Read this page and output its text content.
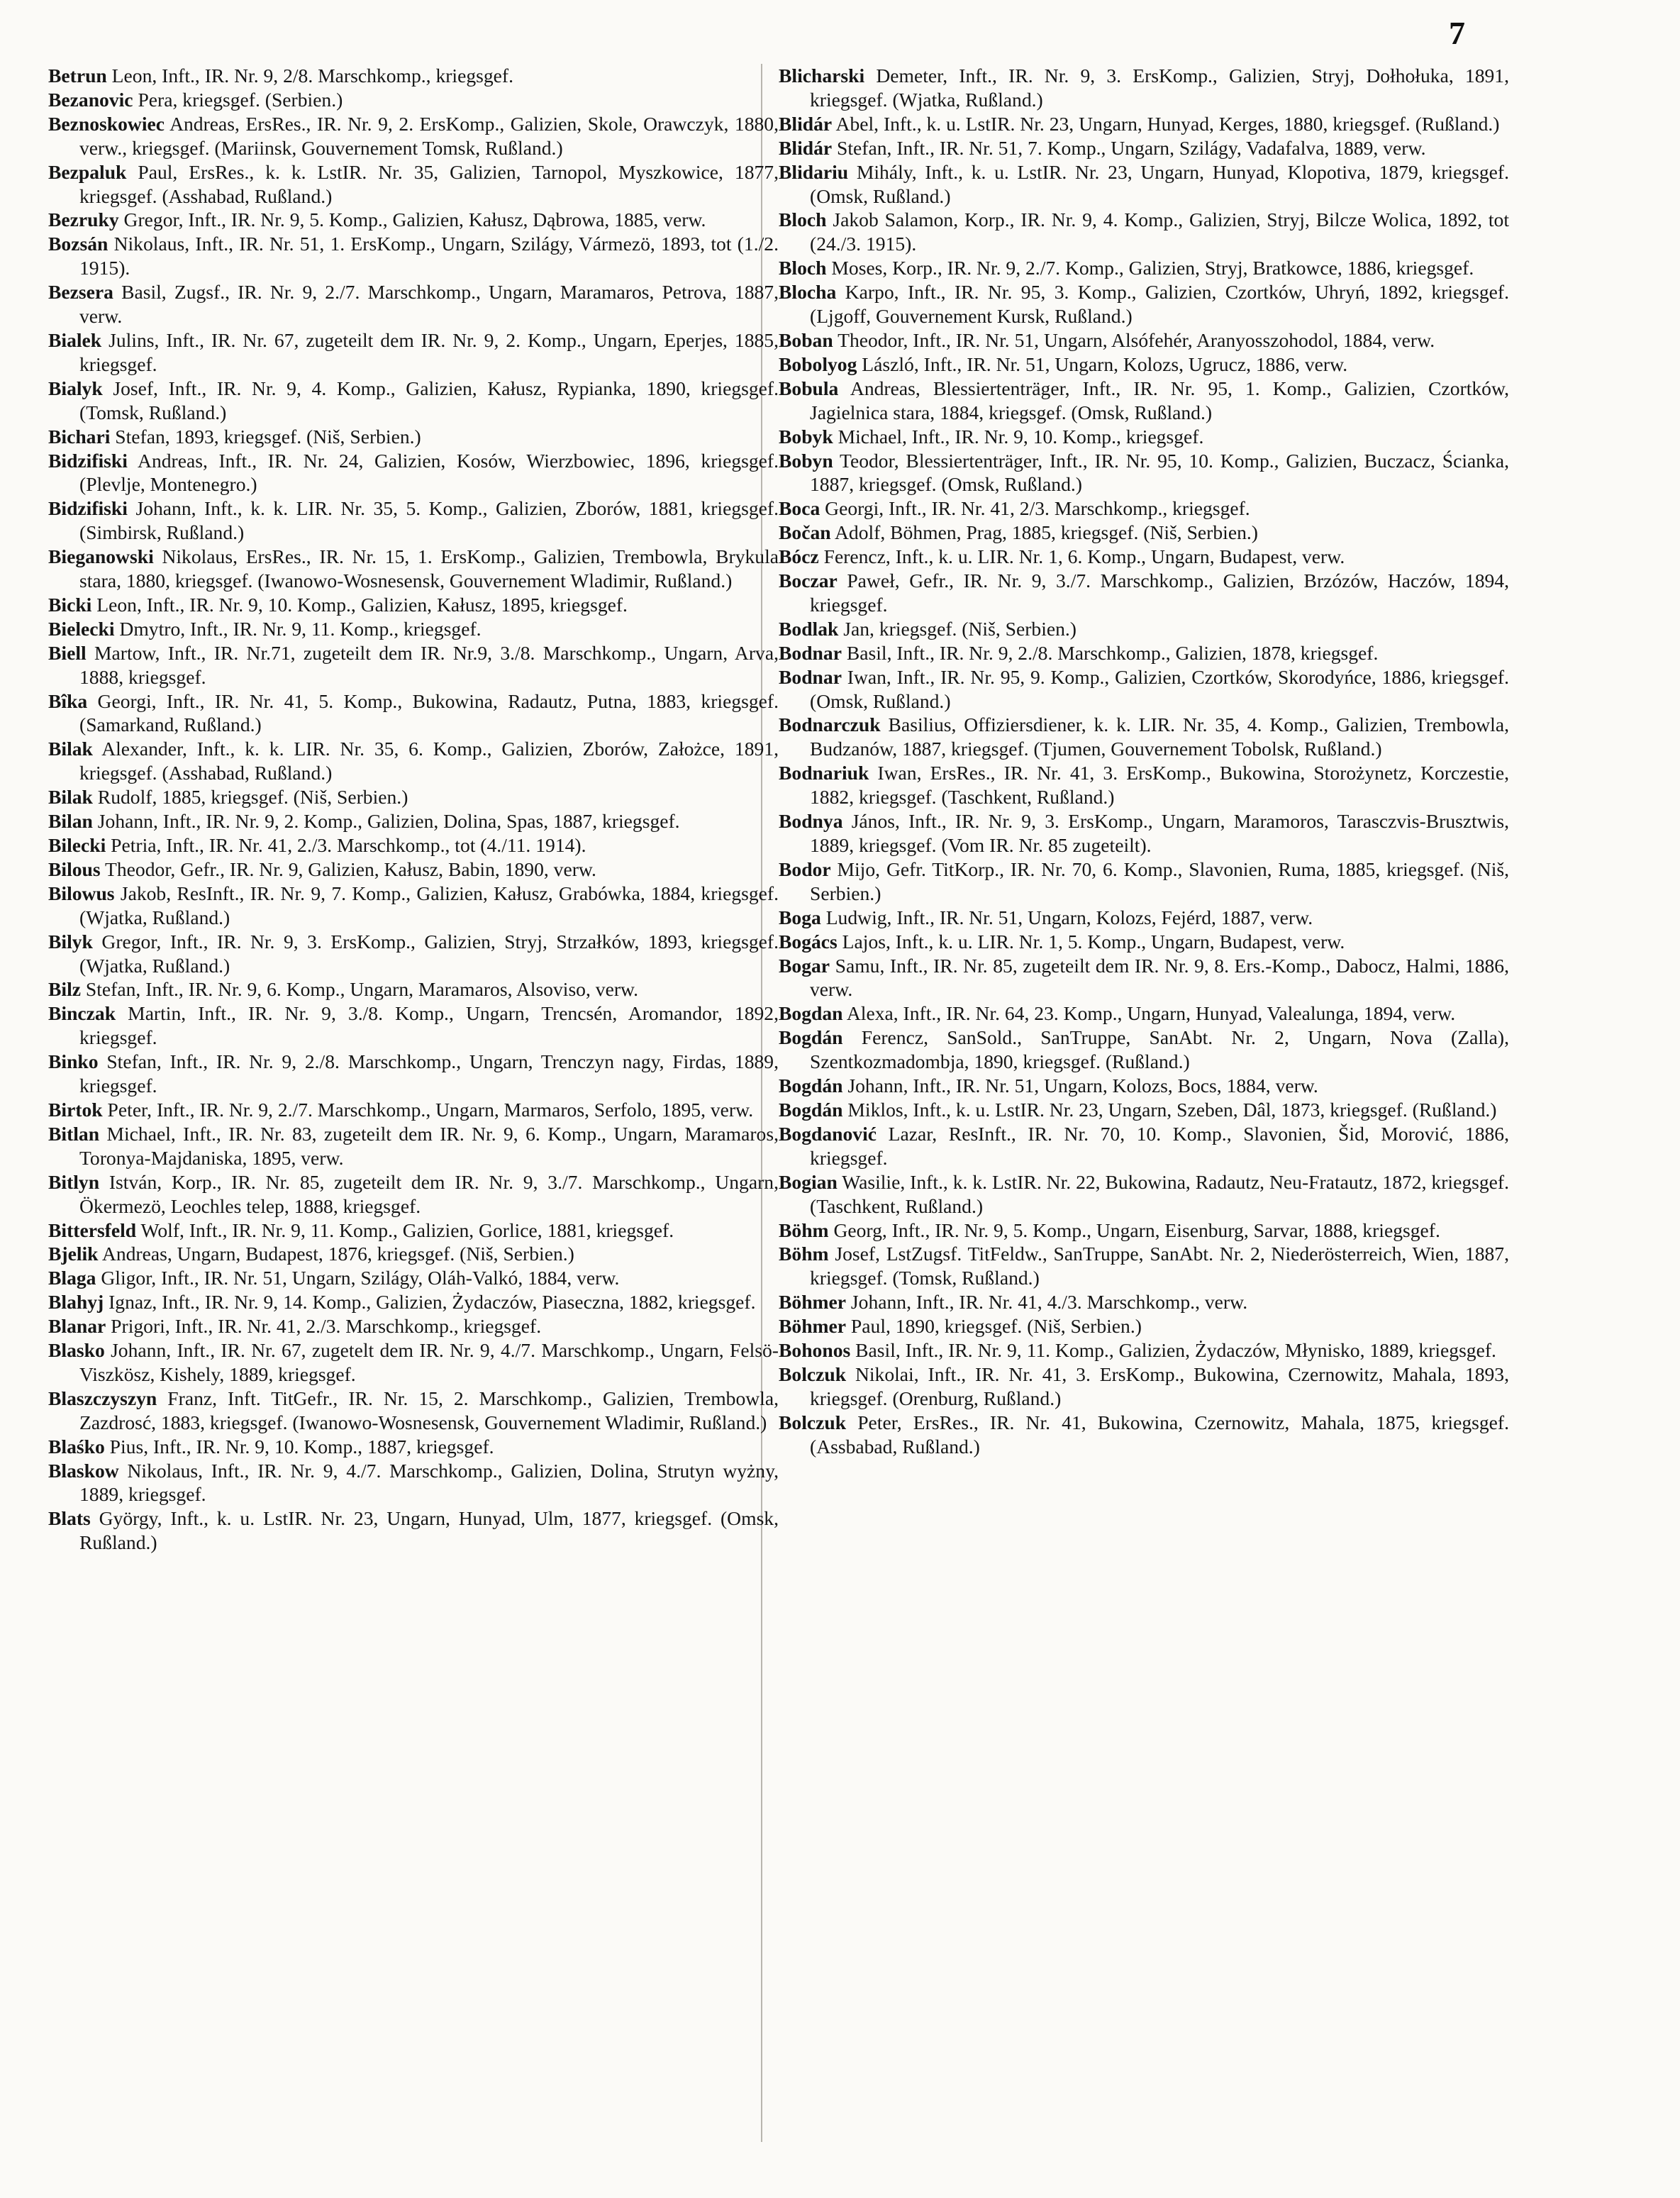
7
Betrun Leon, Inft., IR. Nr. 9, 2/8. Marschkomp., kriegsgef.
Bezanovic Pera, kriegsgef. (Serbien.)
Beznoskowiec Andreas, ErsRes., IR. Nr. 9, 2. ErsKomp., Galizien, Skole, Orawczyk, 1880, verw., kriegsgef. (Mariinsk, Gouvernement Tomsk, Rußland.)
Bezpaluk Paul, ErsRes., k. k. LstIR. Nr. 35, Galizien, Tarnopol, Myszkowice, 1877, kriegsgef. (Asshabad, Rußland.)
Bezruky Gregor, Inft., IR. Nr. 9, 5. Komp., Galizien, Kałusz, Dąbrowa, 1885, verw.
Bozsán Nikolaus, Inft., IR. Nr. 51, 1. ErsKomp., Ungarn, Szilágy, Vármezö, 1893, tot (1./2. 1915).
Bezsera Basil, Zugsf., IR. Nr. 9, 2./7. Marschkomp., Ungarn, Maramaros, Petrova, 1887, verw.
Bialek Julins, Inft., IR. Nr. 67, zugeteilt dem IR. Nr. 9, 2. Komp., Ungarn, Eperjes, 1885, kriegsgef.
Bialyk Josef, Inft., IR. Nr. 9, 4. Komp., Galizien, Kałusz, Rypianka, 1890, kriegsgef. (Tomsk, Rußland.)
Bichari Stefan, 1893, kriegsgef. (Niš, Serbien.)
Bidzifiski Andreas, Inft., IR. Nr. 24, Galizien, Kosów, Wierzbowiec, 1896, kriegsgef. (Plevlje, Montenegro.)
Bidzifiski Johann, Inft., k. k. LIR. Nr. 35, 5. Komp., Galizien, Zborów, 1881, kriegsgef. (Simbirsk, Rußland.)
Bieganowski Nikolaus, ErsRes., IR. Nr. 15, 1. ErsKomp., Galizien, Trembowla, Brykula stara, 1880, kriegsgef. (Iwanowo-Wosnesensk, Gouvernement Wladimir, Rußland.)
Bicki Leon, Inft., IR. Nr. 9, 10. Komp., Galizien, Kałusz, 1895, kriegsgef.
Bielecki Dmytro, Inft., IR. Nr. 9, 11. Komp., kriegsgef.
Biell Martow, Inft., IR. Nr.71, zugeteilt dem IR. Nr.9, 3./8. Marschkomp., Ungarn, Arva, 1888, kriegsgef.
Bîka Georgi, Inft., IR. Nr. 41, 5. Komp., Bukowina, Radautz, Putna, 1883, kriegsgef. (Samarkand, Rußland.)
Bilak Alexander, Inft., k. k. LIR. Nr. 35, 6. Komp., Galizien, Zborów, Założce, 1891, kriegsgef. (Asshabad, Rußland.)
Bilak Rudolf, 1885, kriegsgef. (Niš, Serbien.)
Bilan Johann, Inft., IR. Nr. 9, 2. Komp., Galizien, Dolina, Spas, 1887, kriegsgef.
Bilecki Petria, Inft., IR. Nr. 41, 2./3. Marschkomp., tot (4./11. 1914).
Bilous Theodor, Gefr., IR. Nr. 9, Galizien, Kałusz, Babin, 1890, verw.
Bilowus Jakob, ResInft., IR. Nr. 9, 7. Komp., Galizien, Kałusz, Grabówka, 1884, kriegsgef. (Wjatka, Rußland.)
Bilyk Gregor, Inft., IR. Nr. 9, 3. ErsKomp., Galizien, Stryj, Strzałków, 1893, kriegsgef. (Wjatka, Rußland.)
Bilz Stefan, Inft., IR. Nr. 9, 6. Komp., Ungarn, Maramaros, Alsoviso, verw.
Binczak Martin, Inft., IR. Nr. 9, 3./8. Komp., Ungarn, Trencsén, Aromandor, 1892, kriegsgef.
Binko Stefan, Inft., IR. Nr. 9, 2./8. Marschkomp., Ungarn, Trenczyn nagy, Firdas, 1889, kriegsgef.
Birtok Peter, Inft., IR. Nr. 9, 2./7. Marschkomp., Ungarn, Marmaros, Serfolo, 1895, verw.
Bitlan Michael, Inft., IR. Nr. 83, zugeteilt dem IR. Nr. 9, 6. Komp., Ungarn, Maramaros, Toronya-Majdaniska, 1895, verw.
Bitlyn István, Korp., IR. Nr. 85, zugeteilt dem IR. Nr. 9, 3./7. Marschkomp., Ungarn, Ökermezö, Leochles telep, 1888, kriegsgef.
Bittersfeld Wolf, Inft., IR. Nr. 9, 11. Komp., Galizien, Gorlice, 1881, kriegsgef.
Bjelik Andreas, Ungarn, Budapest, 1876, kriegsgef. (Niš, Serbien.)
Blaga Gligor, Inft., IR. Nr. 51, Ungarn, Szilágy, Oláh-Valkó, 1884, verw.
Blahyj Ignaz, Inft., IR. Nr. 9, 14. Komp., Galizien, Żydaczów, Piaseczna, 1882, kriegsgef.
Blanar Prigori, Inft., IR. Nr. 41, 2./3. Marschkomp., kriegsgef.
Blasko Johann, Inft., IR. Nr. 67, zugetelt dem IR. Nr. 9, 4./7. Marschkomp., Ungarn, Felsö-Viszkösz, Kishely, 1889, kriegsgef.
Blaszczyszyn Franz, Inft. TitGefr., IR. Nr. 15, 2. Marschkomp., Galizien, Trembowla, Zazdrosć, 1883, kriegsgef. (Iwanowo-Wosnesensk, Gouvernement Wladimir, Rußland.)
Blaśko Pius, Inft., IR. Nr. 9, 10. Komp., 1887, kriegsgef.
Blaskow Nikolaus, Inft., IR. Nr. 9, 4./7. Marschkomp., Galizien, Dolina, Strutyn wyżny, 1889, kriegsgef.
Blats György, Inft., k. u. LstIR. Nr. 23, Ungarn, Hunyad, Ulm, 1877, kriegsgef. (Omsk, Rußland.)
Blicharski Demeter, Inft., IR. Nr. 9, 3. ErsKomp., Galizien, Stryj, Dołhołuka, 1891, kriegsgef. (Wjatka, Rußland.)
Blidár Abel, Inft., k. u. LstIR. Nr. 23, Ungarn, Hunyad, Kerges, 1880, kriegsgef. (Rußland.)
Blidár Stefan, Inft., IR. Nr. 51, 7. Komp., Ungarn, Szilágy, Vadafalva, 1889, verw.
Blidariu Mihály, Inft., k. u. LstIR. Nr. 23, Ungarn, Hunyad, Klopotiva, 1879, kriegsgef. (Omsk, Rußland.)
Bloch Jakob Salamon, Korp., IR. Nr. 9, 4. Komp., Galizien, Stryj, Bilcze Wolica, 1892, tot (24./3. 1915).
Bloch Moses, Korp., IR. Nr. 9, 2./7. Komp., Galizien, Stryj, Bratkowce, 1886, kriegsgef.
Blocha Karpo, Inft., IR. Nr. 95, 3. Komp., Galizien, Czortków, Uhryń, 1892, kriegsgef. (Ljgoff, Gouvernement Kursk, Rußland.)
Boban Theodor, Inft., IR. Nr. 51, Ungarn, Alsófehér, Aranyosszohodol, 1884, verw.
Bobolyog László, Inft., IR. Nr. 51, Ungarn, Kolozs, Ugrucz, 1886, verw.
Bobula Andreas, Blessiertenträger, Inft., IR. Nr. 95, 1. Komp., Galizien, Czortków, Jagielnica stara, 1884, kriegsgef. (Omsk, Rußland.)
Bobyk Michael, Inft., IR. Nr. 9, 10. Komp., kriegsgef.
Bobyn Teodor, Blessiertenträger, Inft., IR. Nr. 95, 10. Komp., Galizien, Buczacz, Ścianka, 1887, kriegsgef. (Omsk, Rußland.)
Boca Georgi, Inft., IR. Nr. 41, 2/3. Marschkomp., kriegsgef.
Bočan Adolf, Böhmen, Prag, 1885, kriegsgef. (Niš, Serbien.)
Bócz Ferencz, Inft., k. u. LIR. Nr. 1, 6. Komp., Ungarn, Budapest, verw.
Boczar Paweł, Gefr., IR. Nr. 9, 3./7. Marschkomp., Galizien, Brzózów, Haczów, 1894, kriegsgef.
Bodlak Jan, kriegsgef. (Niš, Serbien.)
Bodnar Basil, Inft., IR. Nr. 9, 2./8. Marschkomp., Galizien, 1878, kriegsgef.
Bodnar Iwan, Inft., IR. Nr. 95, 9. Komp., Galizien, Czortków, Skorodyńce, 1886, kriegsgef. (Omsk, Rußland.)
Bodnarczuk Basilius, Offiziersdiener, k. k. LIR. Nr. 35, 4. Komp., Galizien, Trembowla, Budzanów, 1887, kriegsgef. (Tjumen, Gouvernement Tobolsk, Rußland.)
Bodnariuk Iwan, ErsRes., IR. Nr. 41, 3. ErsKomp., Bukowina, Storożynetz, Korczestie, 1882, kriegsgef. (Taschkent, Rußland.)
Bodnya János, Inft., IR. Nr. 9, 3. ErsKomp., Ungarn, Maramoros, Tarasczvis-Brusztwis, 1889, kriegsgef. (Vom IR. Nr. 85 zugeteilt).
Bodor Mijo, Gefr. TitKorp., IR. Nr. 70, 6. Komp., Slavonien, Ruma, 1885, kriegsgef. (Niš, Serbien.)
Boga Ludwig, Inft., IR. Nr. 51, Ungarn, Kolozs, Fejérd, 1887, verw.
Bogács Lajos, Inft., k. u. LIR. Nr. 1, 5. Komp., Ungarn, Budapest, verw.
Bogar Samu, Inft., IR. Nr. 85, zugeteilt dem IR. Nr. 9, 8. Ers.-Komp., Dabocz, Halmi, 1886, verw.
Bogdan Alexa, Inft., IR. Nr. 64, 23. Komp., Ungarn, Hunyad, Valealunga, 1894, verw.
Bogdán Ferencz, SanSold., SanTruppe, SanAbt. Nr. 2, Ungarn, Nova (Zalla), Szentkozmadombja, 1890, kriegsgef. (Rußland.)
Bogdán Johann, Inft., IR. Nr. 51, Ungarn, Kolozs, Bocs, 1884, verw.
Bogdán Miklos, Inft., k. u. LstIR. Nr. 23, Ungarn, Szeben, Dâl, 1873, kriegsgef. (Rußland.)
Bogdanović Lazar, ResInft., IR. Nr. 70, 10. Komp., Slavonien, Šid, Morović, 1886, kriegsgef.
Bogian Wasilie, Inft., k. k. LstIR. Nr. 22, Bukowina, Radautz, Neu-Fratautz, 1872, kriegsgef. (Taschkent, Rußland.)
Böhm Georg, Inft., IR. Nr. 9, 5. Komp., Ungarn, Eisenburg, Sarvar, 1888, kriegsgef.
Böhm Josef, LstZugsf. TitFeldw., SanTruppe, SanAbt. Nr. 2, Niederösterreich, Wien, 1887, kriegsgef. (Tomsk, Rußland.)
Böhmer Johann, Inft., IR. Nr. 41, 4./3. Marschkomp., verw.
Böhmer Paul, 1890, kriegsgef. (Niš, Serbien.)
Bohonos Basil, Inft., IR. Nr. 9, 11. Komp., Galizien, Żydaczów, Młynisko, 1889, kriegsgef.
Bolczuk Nikolai, Inft., IR. Nr. 41, 3. ErsKomp., Bukowina, Czernowitz, Mahala, 1893, kriegsgef. (Orenburg, Rußland.)
Bolczuk Peter, ErsRes., IR. Nr. 41, Bukowina, Czernowitz, Mahala, 1875, kriegsgef. (Assbabad, Rußland.)
